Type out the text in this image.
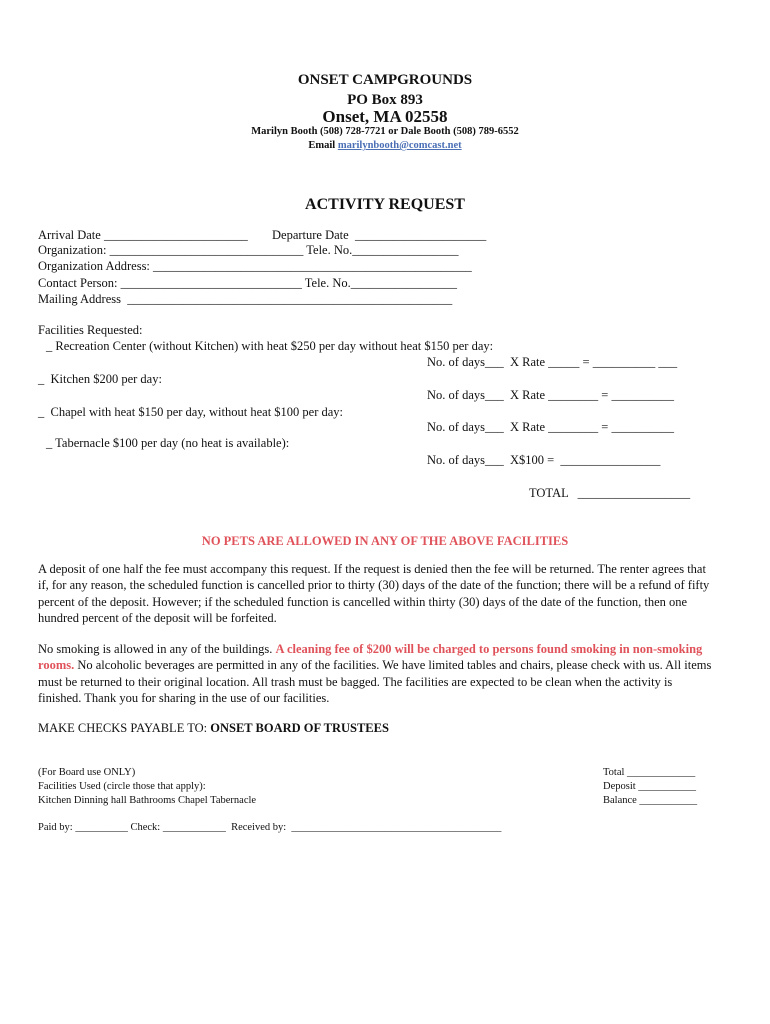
ONSET CAMPGROUNDS
PO Box 893
Onset, MA 02558
Marilyn Booth (508) 728-7721 or Dale Booth (508) 789-6552
Email marilynbooth@comcast.net
ACTIVITY REQUEST
Arrival Date _______________________ Departure Date  _____________________
Organization: _______________________________ Tele. No._________________
Organization Address: ___________________________________________________
Contact Person: _____________________________ Tele. No._________________
Mailing Address  ____________________________________________________
Facilities Requested:
_ Recreation Center (without Kitchen) with heat $250 per day without heat $150 per day:
No. of days___  X Rate _____ = __________ ___
_  Kitchen $200 per day:
No. of days___  X Rate ________ = __________
_  Chapel with heat $150 per day, without heat $100 per day:
No. of days___  X Rate ________ = __________
_ Tabernacle $100 per day (no heat is available):
No. of days___  X$100 =  ________________
TOTAL   __________________
NO PETS ARE ALLOWED IN ANY OF THE ABOVE FACILITIES
A deposit of one half the fee must accompany this request. If the request is denied then the fee will be returned. The renter agrees that if, for any reason, the scheduled function is cancelled prior to thirty (30) days of the date of the function; there will be a refund of fifty percent of the deposit. However; if the scheduled function is cancelled within thirty (30) days of the date of the function, then one hundred percent of the deposit will be forfeited.
No smoking is allowed in any of the buildings. A cleaning fee of $200 will be charged to persons found smoking in non-smoking rooms. No alcoholic beverages are permitted in any of the facilities. We have limited tables and chairs, please check with us. All items must be returned to their original location. All trash must be bagged. The facilities are expected to be clean when the activity is finished. Thank you for sharing in the use of our facilities.
MAKE CHECKS PAYABLE TO: ONSET BOARD OF TRUSTEES
(For Board use ONLY)
Facilities Used (circle those that apply):
Kitchen Dinning hall Bathrooms Chapel Tabernacle
Total _____________
Deposit ___________
Balance ___________
Paid by: __________ Check: ____________  Received by:  ________________________________________
